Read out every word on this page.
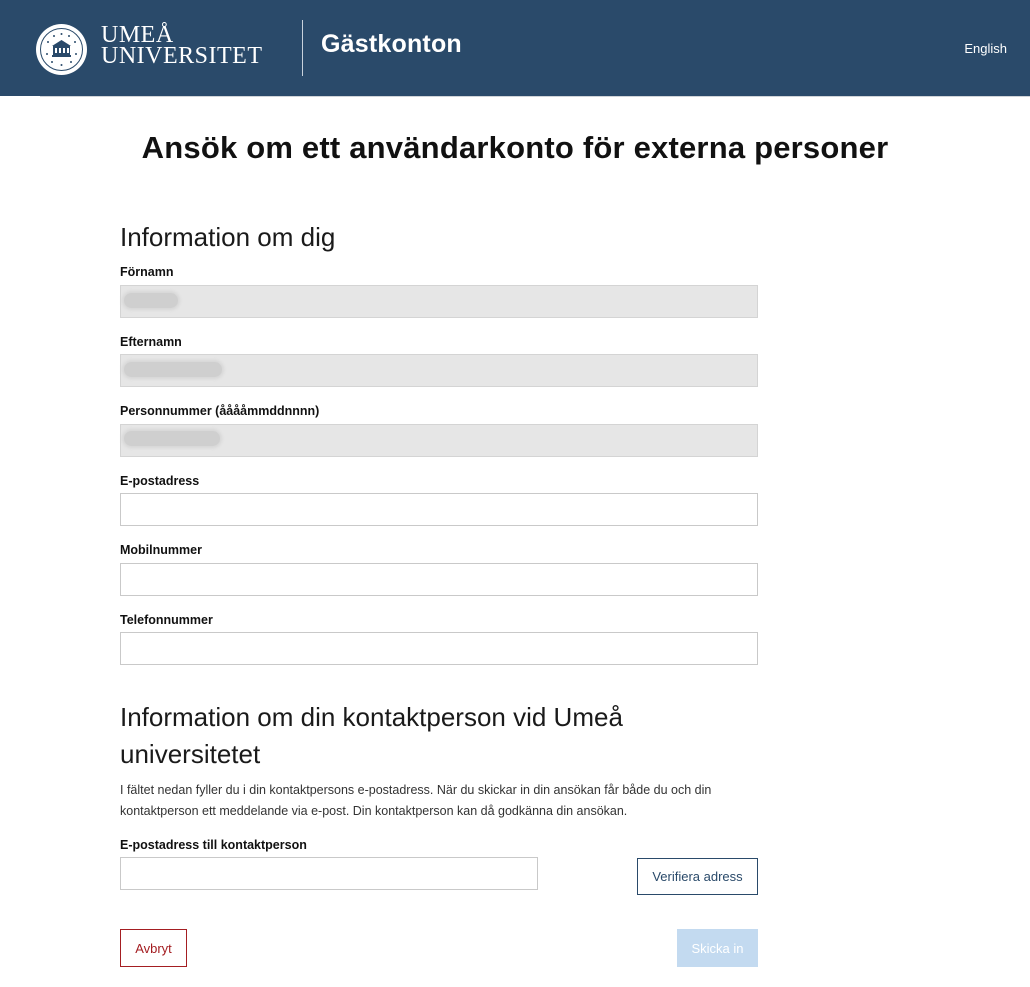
UMEÅ
UNIVERSITET Gästkonton	English
Ansök om ett användarkonto för externa personer
Information om dig
Förnamn
Efternamn
Personnummer (ååååmmddnnnn)
E-postadress
Mobilnummer
Telefonnummer
Information om din kontaktperson vid Umeå universitetet

I fältet nedan fyller du i din kontaktpersons e-postadress. När du skickar in din ansökan får både du och din kontaktperson ett meddelande via e-post. Din kontaktperson kan då godkänna din ansökan.

E-postadress till kontaktperson
Verifiera adress
Avbryt	Skicka in
